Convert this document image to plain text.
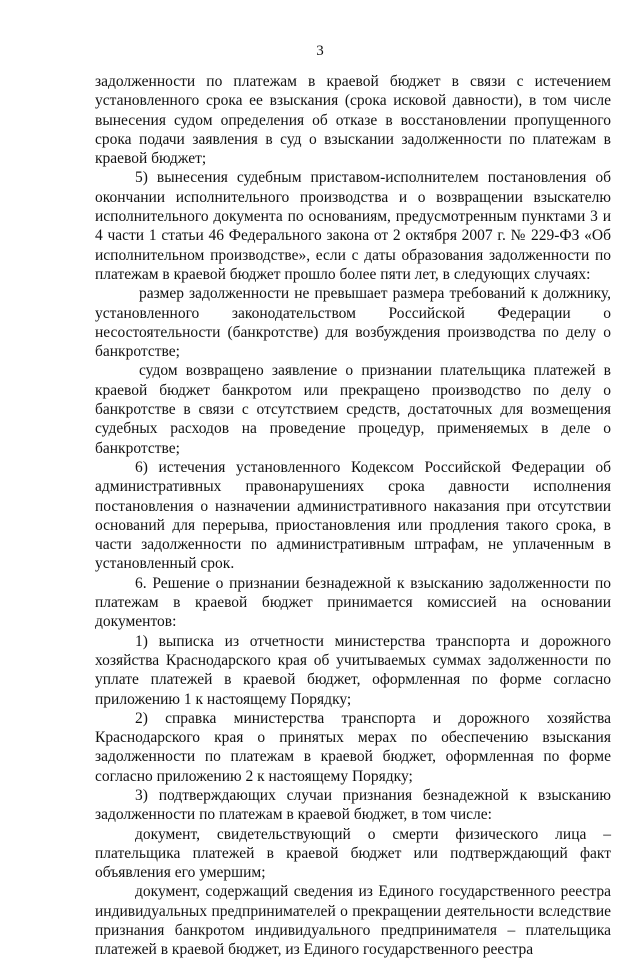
3

задолженности по платежам в краевой бюджет в связи с истечением установленного срока ее взыскания (срока исковой давности), в том числе вынесения судом определения об отказе в восстановлении пропущенного срока подачи заявления в суд о взыскании задолженности по платежам в краевой бюджет;

5) вынесения судебным приставом-исполнителем постановления об окончании исполнительного производства и о возвращении взыскателю исполнительного документа по основаниям, предусмотренным пунктами 3 и 4 части 1 статьи 46 Федерального закона от 2 октября 2007 г. № 229-ФЗ «Об исполнительном производстве», если с даты образования задолженности по платежам в краевой бюджет прошло более пяти лет, в следующих случаях:

размер задолженности не превышает размера требований к должнику, установленного законодательством Российской Федерации о несостоятельности (банкротстве) для возбуждения производства по делу о банкротстве;

судом возвращено заявление о признании плательщика платежей в краевой бюджет банкротом или прекращено производство по делу о банкротстве в связи с отсутствием средств, достаточных для возмещения судебных расходов на проведение процедур, применяемых в деле о банкротстве;

6) истечения установленного Кодексом Российской Федерации об административных правонарушениях срока давности исполнения постановления о назначении административного наказания при отсутствии оснований для перерыва, приостановления или продления такого срока, в части задолженности по административным штрафам, не уплаченным в установленный срок.

6. Решение о признании безнадежной к взысканию задолженности по платежам в краевой бюджет принимается комиссией на основании документов:

1) выписка из отчетности министерства транспорта и дорожного хозяйства Краснодарского края об учитываемых суммах задолженности по уплате платежей в краевой бюджет, оформленная по форме согласно приложению 1 к настоящему Порядку;

2) справка министерства транспорта и дорожного хозяйства Краснодарского края о принятых мерах по обеспечению взыскания задолженности по платежам в краевой бюджет, оформленная по форме согласно приложению 2 к настоящему Порядку;

3) подтверждающих случаи признания безнадежной к взысканию задолженности по платежам в краевой бюджет, в том числе:

документ, свидетельствующий о смерти физического лица – плательщика платежей в краевой бюджет или подтверждающий факт объявления его умершим;

документ, содержащий сведения из Единого государственного реестра индивидуальных предпринимателей о прекращении деятельности вследствие признания банкротом индивидуального предпринимателя – плательщика платежей в краевой бюджет, из Единого государственного реестра
